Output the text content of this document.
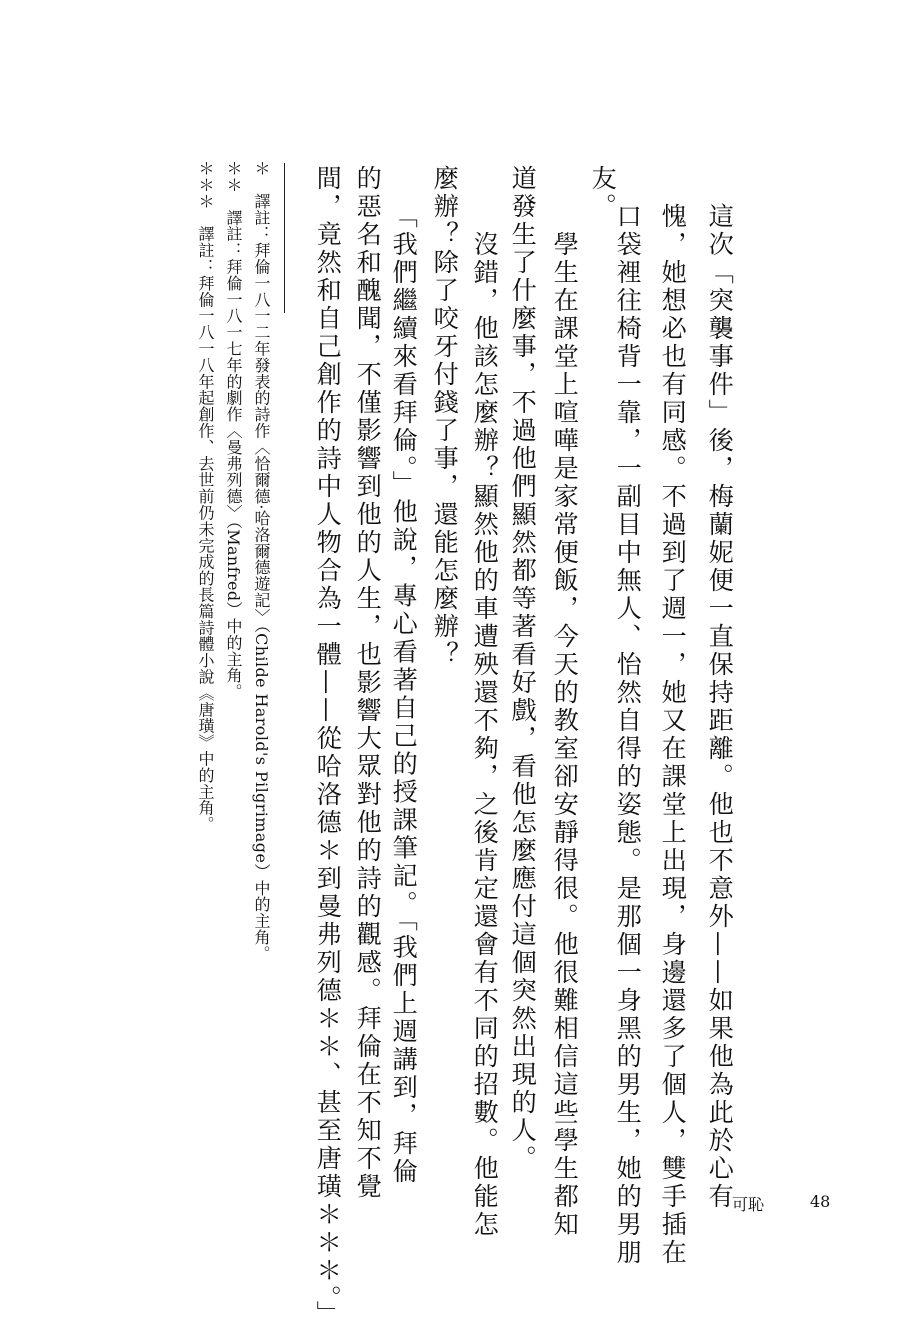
這次「突襲事件」後，梅蘭妮便一直保持距離。他也不意外——如果他為此於心有
愧，她想必也有同感。不過到了週一，她又在課堂上出現，身邊還多了個人，雙手插在
口袋裡往椅背一靠，一副目中無人、怡然自得的姿態。是那個一身黑的男生，她的男朋
友。
　學生在課堂上喧嘩是家常便飯，今天的教室卻安靜得很。他很難相信這些學生都知
道發生了什麼事，不過他們顯然都等著看好戲，看他怎麼應付這個突然出現的人。
　沒錯，他該怎麼辦？顯然他的車遭殃還不夠，之後肯定還會有不同的招數。他能怎
麼辦？除了咬牙付錢了事，還能怎麼辦？
「我們繼續來看拜倫。」他說，專心看著自己的授課筆記。「我們上週講到，拜倫
的惡名和醜聞，不僅影響到他的人生，也影響大眾對他的詩的觀感。拜倫在不知不覺
間，竟然和自己創作的詩中人物合為一體——從哈洛德＊到曼弗列德＊＊、甚至唐璜＊＊＊。」
＊　譯註：拜倫一八一二年發表的詩作〈恰爾德·哈洛爾德遊記〉（Childe Harold's Pilgrimage）中的主角。
＊＊　譯註：拜倫一八一七年的劇作〈曼弗列德〉（Manfred）中的主角。
＊＊＊　譯註：拜倫一八一八年起創作、去世前仍未完成的長篇詩體小說《唐璜》中的主角。
可恥	48
